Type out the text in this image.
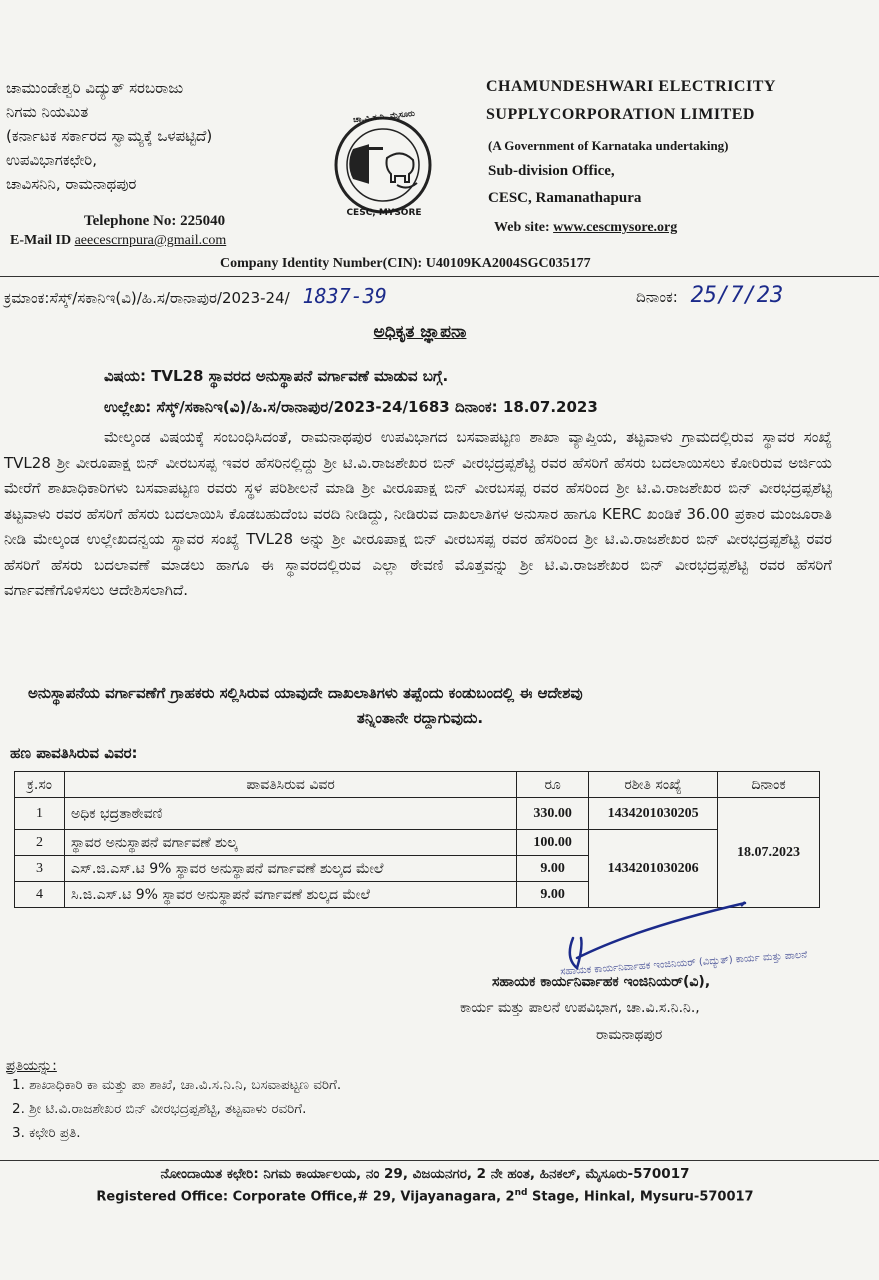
ಚಾಮುಂಡೇಶ್ವರಿ ವಿದ್ಯುತ್ ಸರಬರಾಜು
ನಿಗಮ ನಿಯಮಿತ
(ಕರ್ನಾಟಕ ಸರ್ಕಾರದ ಸ್ವಾಮ್ಯಕ್ಕೆ ಒಳಪಟ್ಟಿದೆ)
ಉಪವಿಭಾಗಕಛೇರಿ,
ಚಾವಿಸನಿನಿ, ರಾಮನಾಥಪುರ
Telephone No: 225040
E-Mail ID aeecescrnpura@gmail.com
ಚಾ.ವಿ.ಸ.ನಿ. ಮೈಸೂರು
CESC, MYSORE
CHAMUNDESHWARI ELECTRICITY
SUPPLYCORPORATION LIMITED
(A Government of Karnataka undertaking)
Sub-division Office,
CESC, Ramanathapura
Web site: www.cescmysore.org
Company Identity Number(CIN): U40109KA2004SGC035177
ಕ್ರಮಾಂಕ:ಸೆಸ್ಕ್/ಸಕಾನಿಇ(ವಿ)/ಹಿ.ಸ/ರಾನಾಪುರ/2023-24/ 1837-39	ದಿನಾಂಕ: 25/7/23
ಅಧಿಕೃತ ಜ್ಞಾಪನಾ
ವಿಷಯ: TVL28 ಸ್ಥಾವರದ ಅನುಸ್ಥಾಪನೆ ವರ್ಗಾವಣೆ ಮಾಡುವ ಬಗ್ಗೆ.
ಉಲ್ಲೇಖ: ಸೆಸ್ಕ್/ಸಕಾನಿಇ(ವಿ)/ಹಿ.ಸ/ರಾನಾಪುರ/2023-24/1683 ದಿನಾಂಕ: 18.07.2023
ಮೇಲ್ಕಂಡ ವಿಷಯಕ್ಕೆ ಸಂಬಂಧಿಸಿದಂತೆ, ರಾಮನಾಥಪುರ ಉಪವಿಭಾಗದ ಬಸವಾಪಟ್ಟಣ ಶಾಖಾ ವ್ಯಾಪ್ತಿಯ, ತಟ್ಟವಾಳು ಗ್ರಾಮದಲ್ಲಿರುವ ಸ್ಥಾವರ ಸಂಖ್ಯೆ TVL28 ಶ್ರೀ ವೀರೂಪಾಕ್ಷ ಬಿನ್ ವೀರಬಸಪ್ಪ ಇವರ ಹೆಸರಿನಲ್ಲಿದ್ದು ಶ್ರೀ ಟಿ.ವಿ.ರಾಜಶೇಖರ ಬಿನ್ ವೀರಭದ್ರಪ್ಪಶೆಟ್ಟಿ ರವರ ಹೆಸರಿಗೆ ಹೆಸರು ಬದಲಾಯಿಸಲು ಕೋರಿರುವ ಅರ್ಜಿಯ ಮೇರೆಗೆ ಶಾಖಾಧಿಕಾರಿಗಳು ಬಸವಾಪಟ್ಟಣ ರವರು ಸ್ಥಳ ಪರಿಶೀಲನೆ ಮಾಡಿ ಶ್ರೀ ವೀರೂಪಾಕ್ಷ ಬಿನ್ ವೀರಬಸಪ್ಪ ರವರ ಹೆಸರಿಂದ ಶ್ರೀ ಟಿ.ವಿ.ರಾಜಶೇಖರ ಬಿನ್ ವೀರಭದ್ರಪ್ಪಶೆಟ್ಟಿ ತಟ್ಟವಾಳು ರವರ ಹೆಸರಿಗೆ ಹೆಸರು ಬದಲಾಯಿಸಿ ಕೊಡಬಹುದೆಂಬ ವರದಿ ನೀಡಿದ್ದು, ನೀಡಿರುವ ದಾಖಲಾತಿಗಳ ಅನುಸಾರ ಹಾಗೂ KERC ಖಂಡಿಕೆ 36.00 ಪ್ರಕಾರ ಮಂಜೂರಾತಿ ನೀಡಿ ಮೇಲ್ಕಂಡ ಉಲ್ಲೇಖದನ್ವಯ ಸ್ಥಾವರ ಸಂಖ್ಯೆ TVL28 ಅನ್ನು ಶ್ರೀ ವೀರೂಪಾಕ್ಷ ಬಿನ್ ವೀರಬಸಪ್ಪ ರವರ ಹೆಸರಿಂದ ಶ್ರೀ ಟಿ.ವಿ.ರಾಜಶೇಖರ ಬಿನ್ ವೀರಭದ್ರಪ್ಪಶೆಟ್ಟಿ ರವರ ಹೆಸರಿಗೆ ಹೆಸರು ಬದಲಾವಣೆ ಮಾಡಲು ಹಾಗೂ ಈ ಸ್ಥಾವರದಲ್ಲಿರುವ ಎಲ್ಲಾ ಠೇವಣಿ ಮೊತ್ತವನ್ನು ಶ್ರೀ ಟಿ.ವಿ.ರಾಜಶೇಖರ ಬಿನ್ ವೀರಭದ್ರಪ್ಪಶೆಟ್ಟಿ ರವರ ಹೆಸರಿಗೆ ವರ್ಗಾವಣೆಗೊಳಿಸಲು ಆದೇಶಿಸಲಾಗಿದೆ.
ಅನುಸ್ಥಾಪನೆಯ ವರ್ಗಾವಣೆಗೆ ಗ್ರಾಹಕರು ಸಲ್ಲಿಸಿರುವ ಯಾವುದೇ ದಾಖಲಾತಿಗಳು ತಪ್ಪೆಂದು ಕಂಡುಬಂದಲ್ಲಿ ಈ ಆದೇಶವು
ತನ್ನಿಂತಾನೇ ರದ್ದಾಗುವುದು.
ಹಣ ಪಾವತಿಸಿರುವ ವಿವರ:
ಕ್ರ.ಸಂ	ಪಾವತಿಸಿರುವ ವಿವರ	ರೂ	ರಶೀತಿ ಸಂಖ್ಯೆ	ದಿನಾಂಕ
1	ಅಧಿಕ ಭದ್ರತಾಠೇವಣಿ	330.00	1434201030205	18.07.2023
2	ಸ್ಥಾವರ ಅನುಸ್ಥಾಪನೆ ವರ್ಗಾವಣೆ ಶುಲ್ಕ	100.00	1434201030206	
3	ಎಸ್.ಜಿ.ಎಸ್.ಟಿ 9% ಸ್ಥಾವರ ಅನುಸ್ಥಾಪನೆ ವರ್ಗಾವಣೆ ಶುಲ್ಕದ ಮೇಲೆ	9.00		
4	ಸಿ.ಜಿ.ಎಸ್.ಟಿ 9% ಸ್ಥಾವರ ಅನುಸ್ಥಾಪನೆ ವರ್ಗಾವಣೆ ಶುಲ್ಕದ ಮೇಲೆ	9.00		
ಸಹಾಯಕ ಕಾರ್ಯನಿರ್ವಾಹಕ ಇಂಜಿನಿಯರ್ (ವಿದ್ಯುತ್) ಕಾರ್ಯ ಮತ್ತು ಪಾಲನೆ
ಸಹಾಯಕ ಕಾರ್ಯನಿರ್ವಾಹಕ ಇಂಜಿನಿಯರ್(ವಿ),
ಕಾರ್ಯ ಮತ್ತು ಪಾಲನೆ ಉಪವಿಭಾಗ, ಚಾ.ವಿ.ಸ.ನಿ.ನಿ.,
ರಾಮನಾಥಪುರ
ಪ್ರತಿಯನ್ನು:
1. ಶಾಖಾಧಿಕಾರಿ ಕಾ ಮತ್ತು ಪಾ ಶಾಖೆ, ಚಾ.ವಿ.ಸ.ನಿ.ನಿ, ಬಸವಾಪಟ್ಟಣ ವರಿಗೆ.
2. ಶ್ರೀ ಟಿ.ವಿ.ರಾಜಶೇಖರ ಬಿನ್ ವೀರಭದ್ರಪ್ಪಶೆಟ್ಟಿ, ತಟ್ಟವಾಳು ರವರಿಗೆ.
3. ಕಛೇರಿ ಪ್ರತಿ.
ನೋಂದಾಯಿತ ಕಛೇರಿ: ನಿಗಮ ಕಾರ್ಯಾಲಯ, ನಂ 29, ವಿಜಯನಗರ, 2 ನೇ ಹಂತ, ಹಿನಕಲ್, ಮೈಸೂರು-570017
Registered Office: Corporate Office,# 29, Vijayanagara, 2nd Stage, Hinkal, Mysuru-570017
